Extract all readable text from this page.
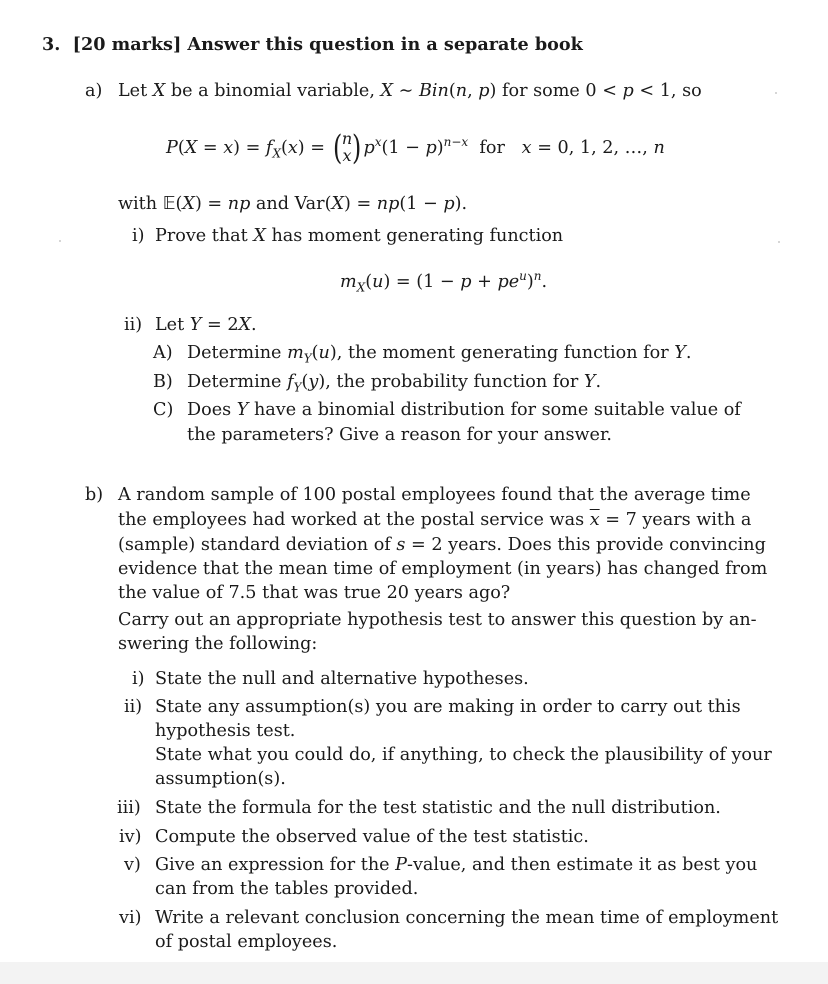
3. [20 marks] Answer this question in a separate book
a) Let X be a binomial variable, X ∼ Bin(n, p) for some 0 < p < 1, so
$P(X = x) = f_X(x) = (n$
x) $p^x(1 - p)^{n-x}$  for   x = 0, 1, 2, …, n
with 𝔼(X) = np and Var(X) = np(1 − p).
i) Prove that X has moment generating function
$m_X(u) = (1 - p + pe^u)^n$.
ii) Let Y = 2X.
A) Determine $m_Y(u)$, the moment generating function for Y.
B) Determine $f_Y(y)$, the probability function for Y.
C) Does Y have a binomial distribution for some suitable value of
the parameters? Give a reason for your answer.
b) A random sample of 100 postal employees found that the average time
the employees had worked at the postal service was $\overline{x} = 7$ years with a
(sample) standard deviation of s = 2 years. Does this provide convincing
evidence that the mean time of employment (in years) has changed from
the value of 7.5 that was true 20 years ago?
Carry out an appropriate hypothesis test to answer this question by an-
swering the following:
i) State the null and alternative hypotheses.
ii) State any assumption(s) you are making in order to carry out this
hypothesis test.
State what you could do, if anything, to check the plausibility of your
assumption(s).
iii) State the formula for the test statistic and the null distribution.
iv) Compute the observed value of the test statistic.
v) Give an expression for the P-value, and then estimate it as best you
can from the tables provided.
vi) Write a relevant conclusion concerning the mean time of employment
of postal employees.
